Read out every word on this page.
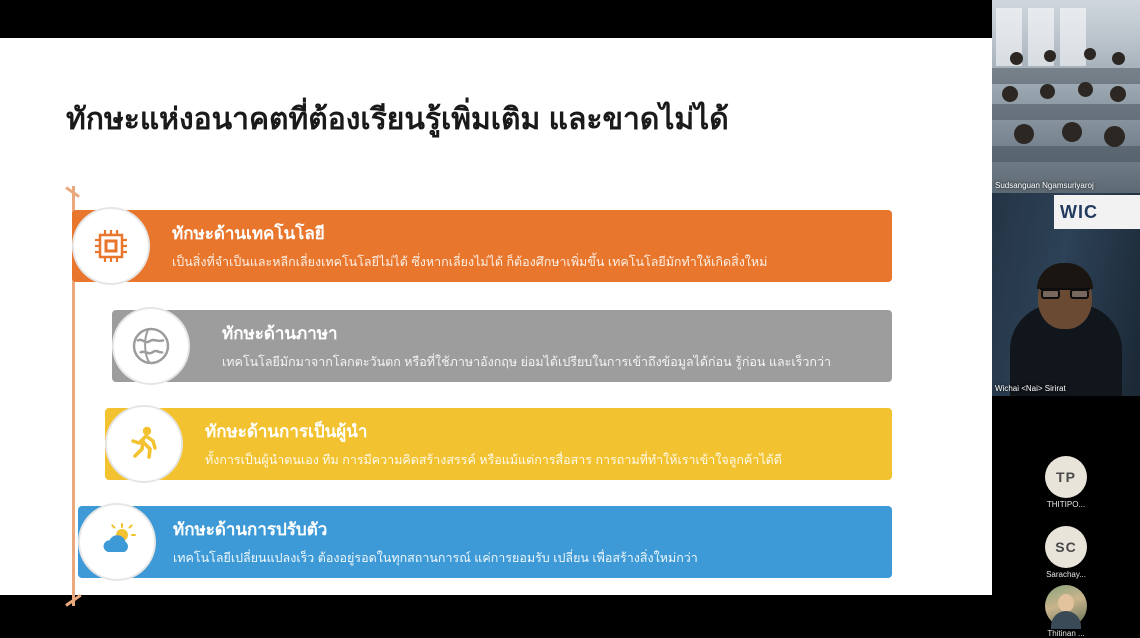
ทักษะแห่งอนาคตที่ต้องเรียนรู้เพิ่มเติม และขาดไม่ได้
ทักษะด้านเทคโนโลยี
เป็นสิ่งที่จำเป็นและหลีกเลี่ยงเทคโนโลยีไม่ได้ ซึ่งหากเลี่ยงไม่ได้ ก็ต้องศึกษาเพิ่มขึ้น เทคโนโลยีมักทำให้เกิดสิ่งใหม่
ทักษะด้านภาษา
เทคโนโลยีมักมาจากโลกตะวันตก หรือที่ใช้ภาษาอังกฤษ ย่อมได้เปรียบในการเข้าถึงข้อมูลได้ก่อน รู้ก่อน และเร็วกว่า
ทักษะด้านการเป็นผู้นำ
ทั้งการเป็นผู้นำตนเอง ทีม การมีความคิดสร้างสรรค์ หรือแม้แต่การสื่อสาร การถามที่ทำให้เราเข้าใจลูกค้าได้ดี
ทักษะด้านการปรับตัว
เทคโนโลยีเปลี่ยนแปลงเร็ว ต้องอยู่รอดในทุกสถานการณ์ แค่การยอมรับ เปลี่ยน เพื่อสร้างสิ่งใหม่กว่า
Sudsanguan Ngamsuriyaroj
WIC
Wichai <Nai> Sirirat
TP
THITIPO...
SC
Sarachay...

Thitinan ...
